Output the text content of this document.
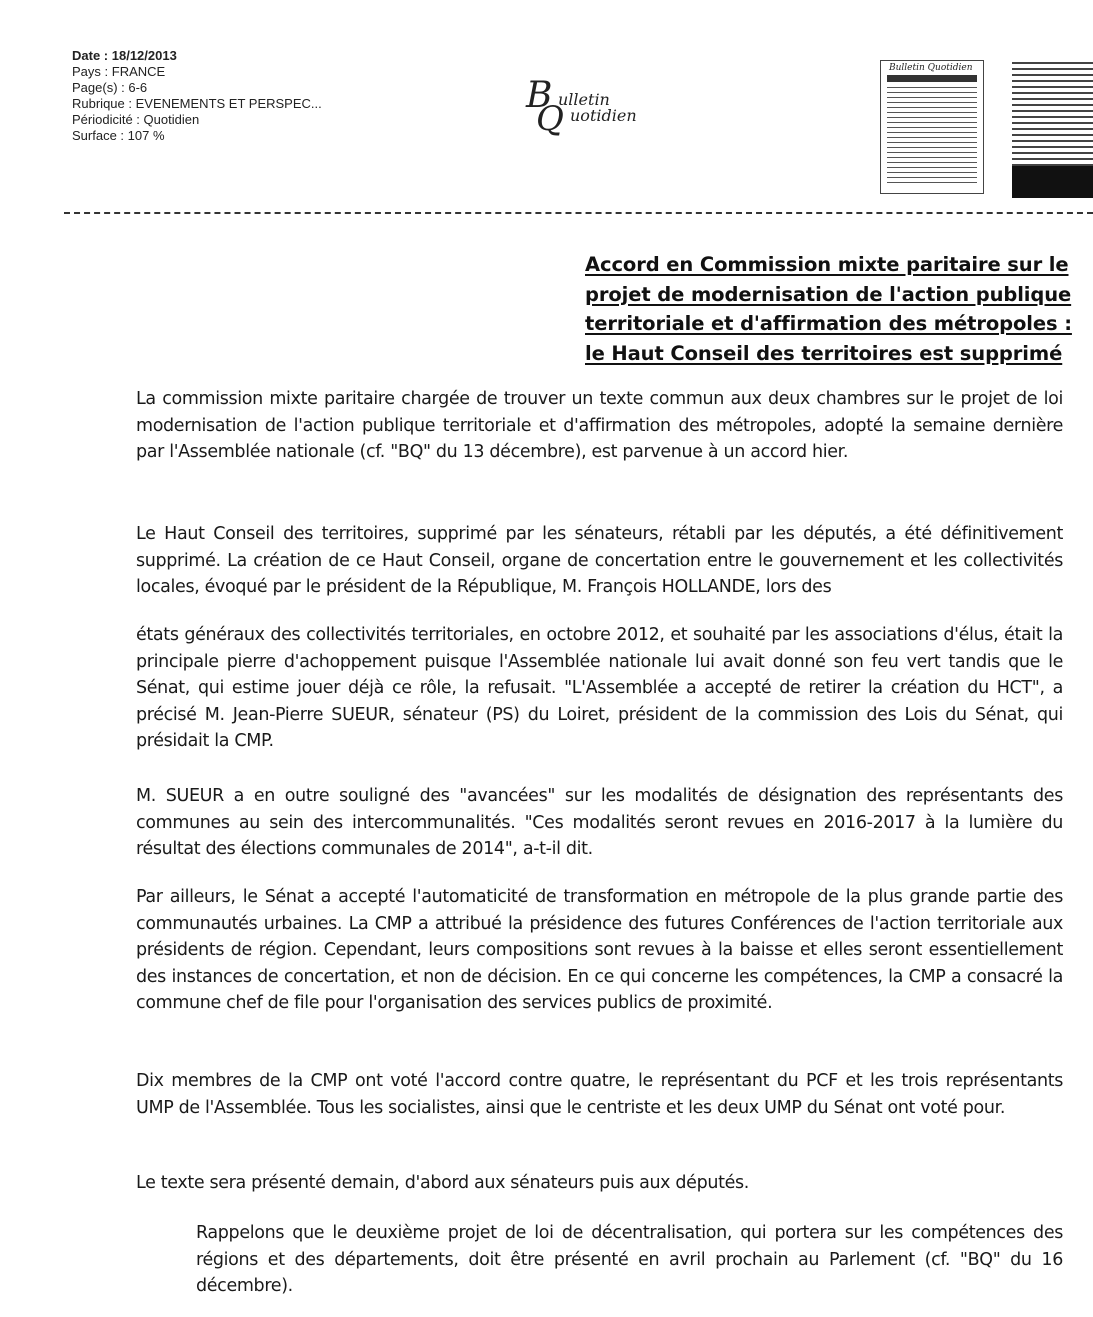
Date : 18/12/2013
Pays : FRANCE
Page(s) : 6-6
Rubrique : EVENEMENTS ET PERSPEC...
Périodicité : Quotidien
Surface : 107 %
B
Q
ulletin
uotidien
Bulletin Quotidien
Accord en Commission mixte paritaire sur le
projet de modernisation de l'action publique
territoriale et d'affirmation des métropoles :
le Haut Conseil des territoires est supprimé

La commission mixte paritaire chargée de trouver un texte commun aux deux chambres sur le projet de loi modernisation de l'action publique territoriale et d'affirmation des métropoles, adopté la semaine dernière par l'Assemblée nationale (cf. "BQ" du 13 décembre), est parvenue à un accord hier.

Le Haut Conseil des territoires, supprimé par les sénateurs, rétabli par les députés, a été définitivement supprimé. La création de ce Haut Conseil, organe de concertation entre le gouvernement et les collectivités locales, évoqué par le président de la République, M. François HOLLANDE, lors des

états généraux des collectivités territoriales, en octobre 2012, et souhaité par les associations d'élus, était la principale pierre d'achoppement puisque l'Assemblée nationale lui avait donné son feu vert tandis que le Sénat, qui estime jouer déjà ce rôle, la refusait. "L'Assemblée a accepté de retirer la création du HCT", a précisé M. Jean-Pierre SUEUR, sénateur (PS) du Loiret, président de la commission des Lois du Sénat, qui présidait la CMP.

M. SUEUR a en outre souligné des "avancées" sur les modalités de désignation des représentants des communes au sein des intercommunalités. "Ces modalités seront revues en 2016-2017 à la lumière du résultat des élections communales de 2014", a-t-il dit.

Par ailleurs, le Sénat a accepté l'automaticité de transformation en métropole de la plus grande partie des communautés urbaines. La CMP a attribué la présidence des futures Conférences de l'action territoriale aux présidents de région. Cependant, leurs compositions sont revues à la baisse et elles seront essentiellement des instances de concertation, et non de décision. En ce qui concerne les compétences, la CMP a consacré la commune chef de file pour l'organisation des services publics de proximité.

Dix membres de la CMP ont voté l'accord contre quatre, le représentant du PCF et les trois représentants UMP de l'Assemblée. Tous les socialistes, ainsi que le centriste et les deux UMP du Sénat ont voté pour.

Le texte sera présenté demain, d'abord aux sénateurs puis aux députés.

Rappelons que le deuxième projet de loi de décentralisation, qui portera sur les compétences des régions et des départements, doit être présenté en avril prochain au Parlement (cf. "BQ" du 16 décembre).
